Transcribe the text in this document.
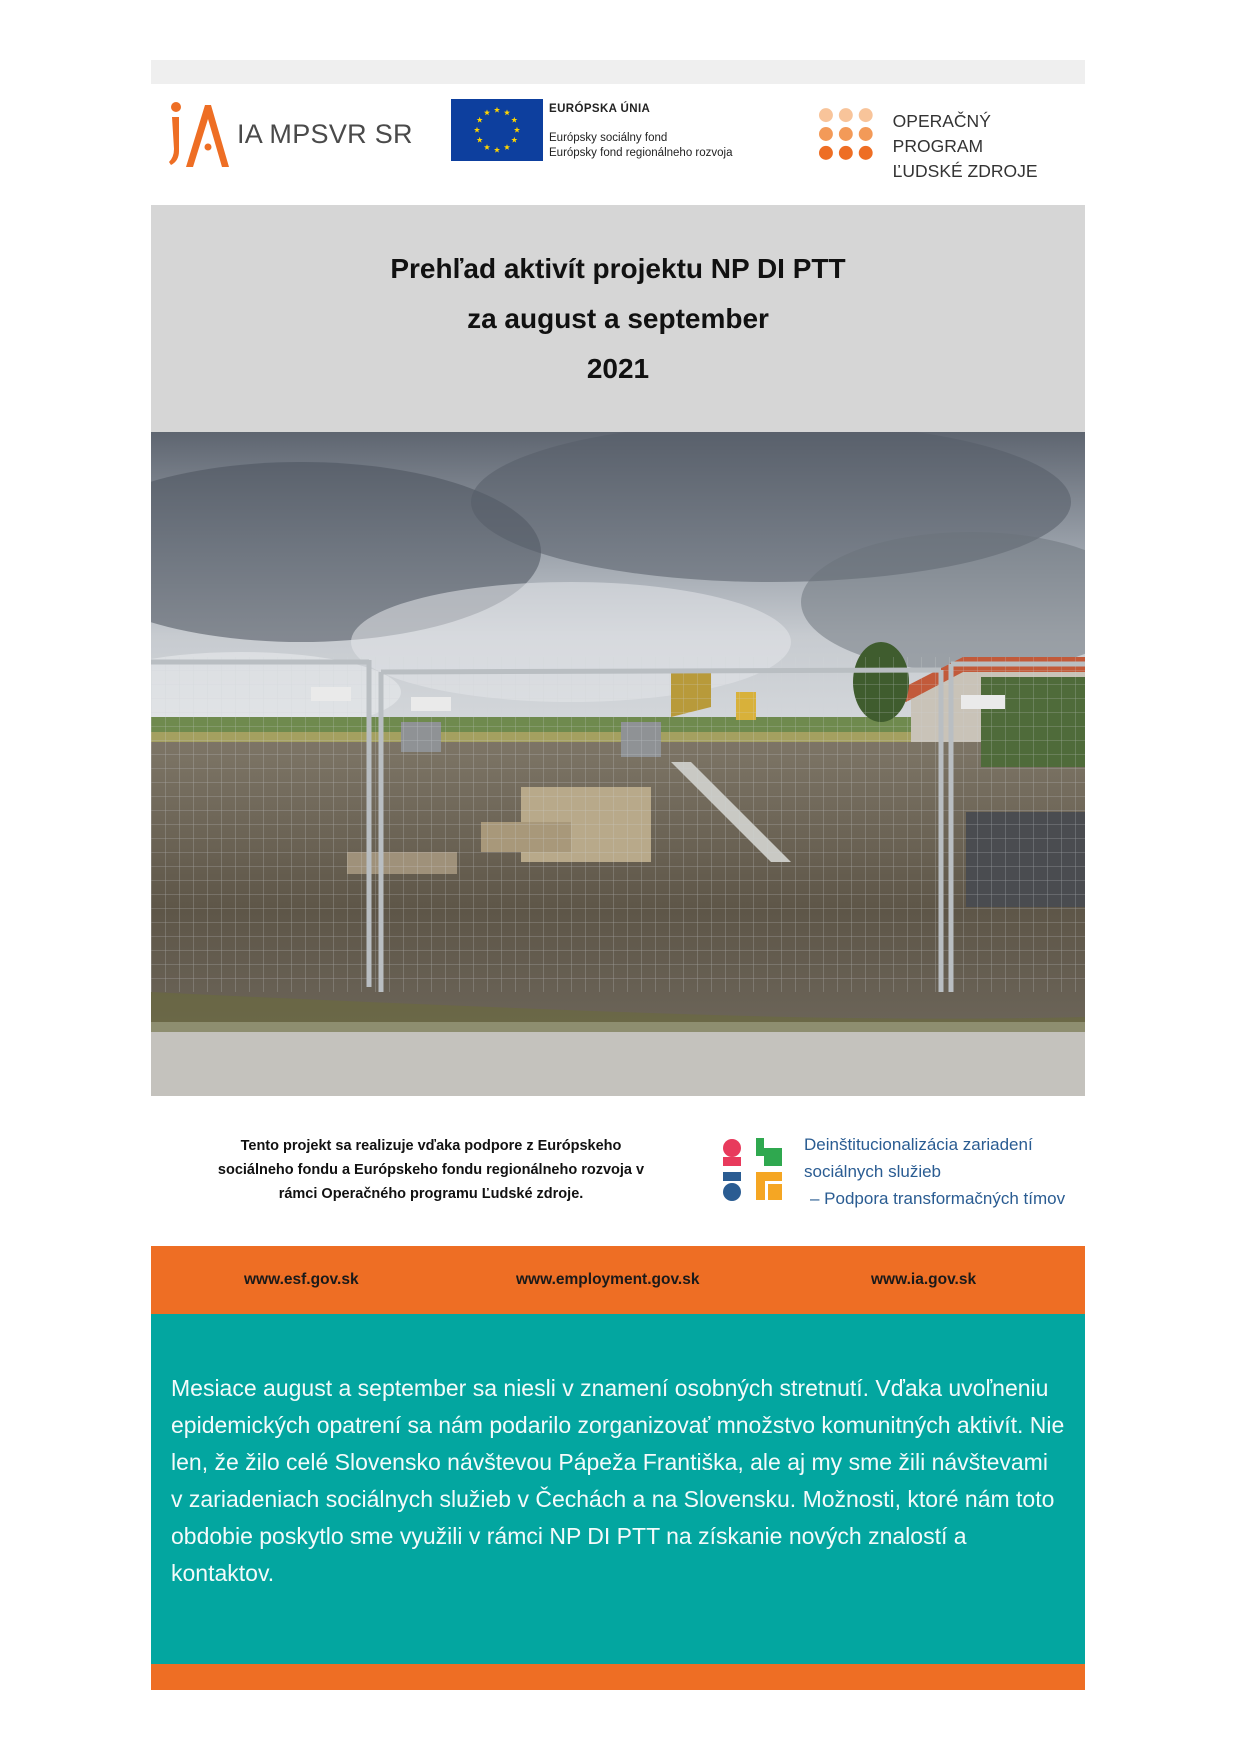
IA MPSVR SR
EURÓPSKA ÚNIA
Európsky sociálny fond
Európsky fond regionálneho rozvoja
OPERAČNÝ PROGRAM
ĽUDSKÉ ZDROJE
Prehľad aktivít projektu NP DI PTT
za august a september
2021
Tento projekt sa realizuje vďaka podpore z Európskeho
sociálneho fondu a Európskeho fondu regionálneho rozvoja v
rámci Operačného programu Ľudské zdroje.
Deinštitucionalizácia zariadení
sociálnych služieb
– Podpora transformačných tímov
www.esf.gov.sk	www.employment.gov.sk	www.ia.gov.sk
Mesiace august a september sa niesli v znamení osobných stretnutí. Vďaka uvoľneniu epidemických opatrení sa nám podarilo zorganizovať množstvo komunitných aktivít. Nie len, že žilo celé Slovensko návštevou Pápeža Františka, ale aj my sme žili návštevami v zariadeniach sociálnych služieb v Čechách a na Slovensku. Možnosti, ktoré nám toto obdobie poskytlo sme využili v rámci NP DI PTT na získanie nových znalostí a kontaktov.
